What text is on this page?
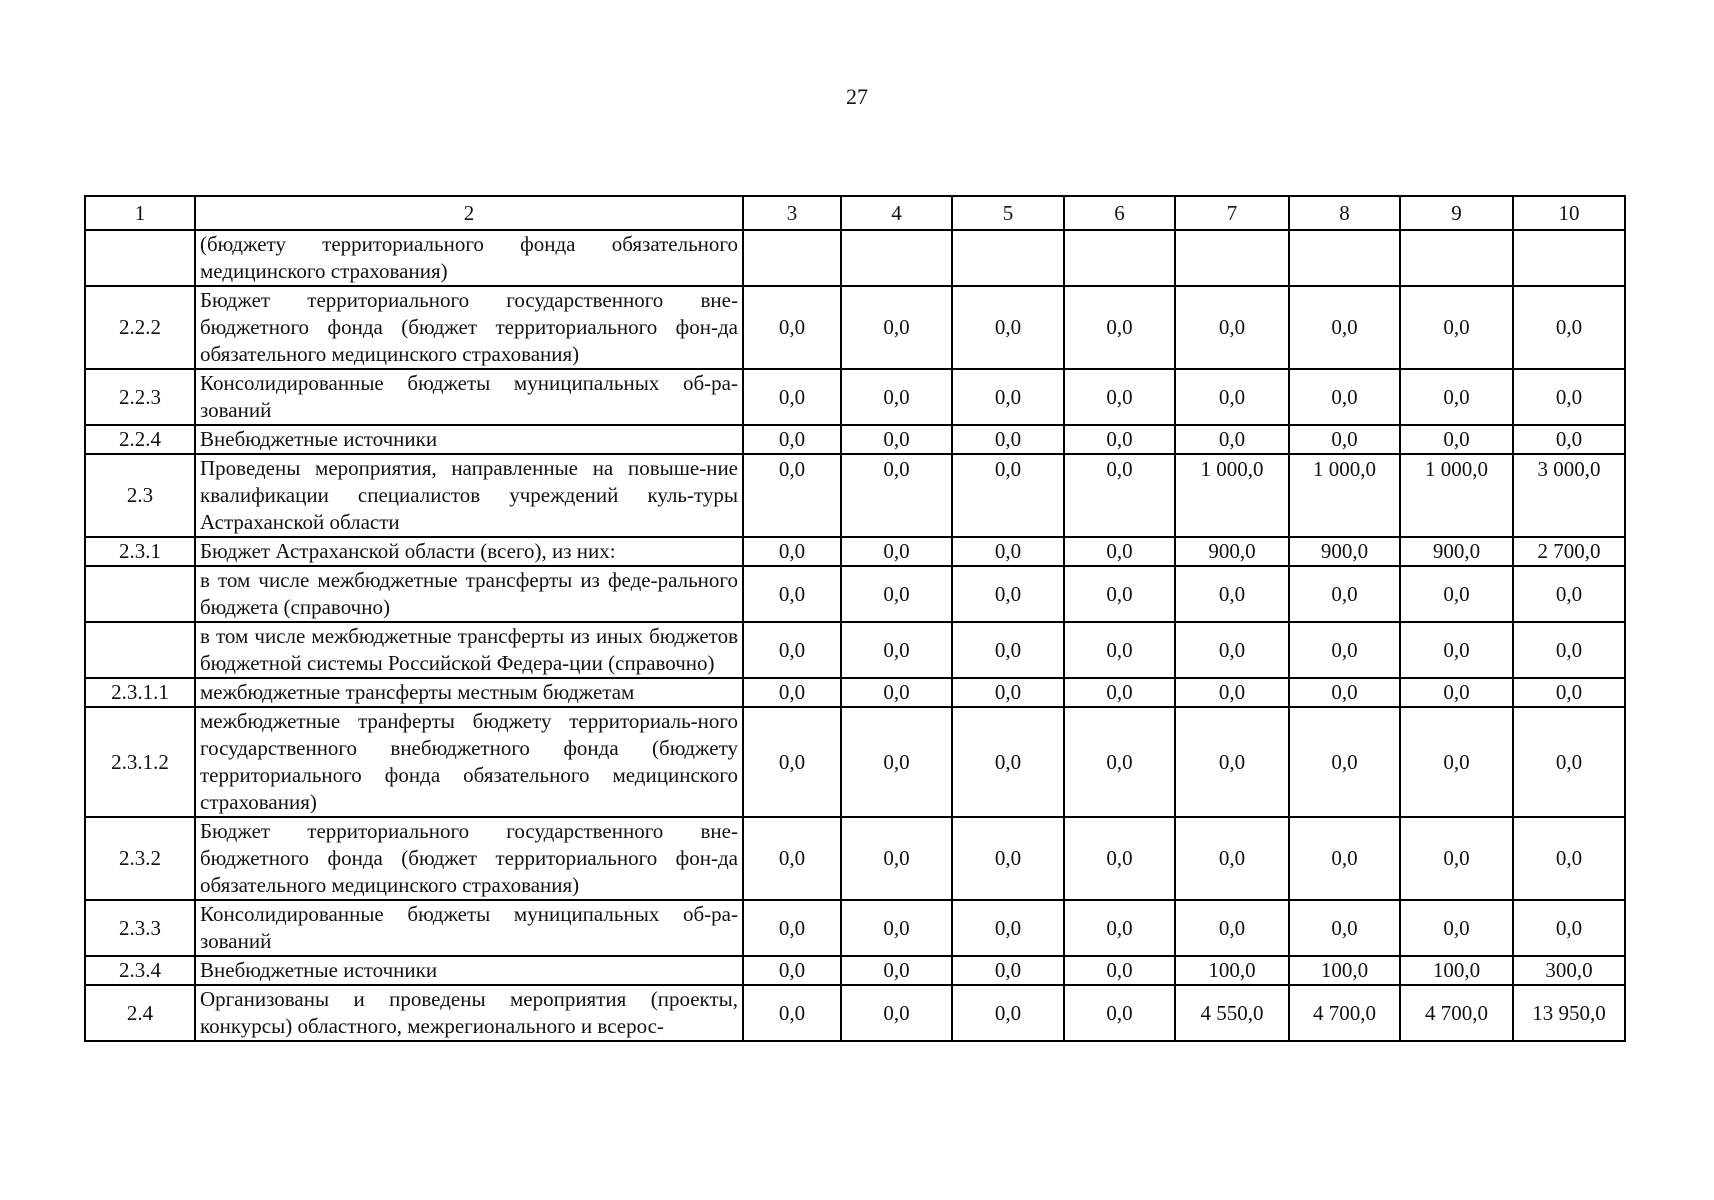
27
1	2	3	4	5	6	7	8	9	10
	(бюджету территориального фонда обязательного медицинского страхования)								
2.2.2	Бюджет территориального государственного вне-бюджетного фонда (бюджет территориального фон-да обязательного медицинского страхования)	0,0	0,0	0,0	0,0	0,0	0,0	0,0	0,0
2.2.3	Консолидированные бюджеты муниципальных об-ра-зований	0,0	0,0	0,0	0,0	0,0	0,0	0,0	0,0
2.2.4	Внебюджетные источники	0,0	0,0	0,0	0,0	0,0	0,0	0,0	0,0
2.3	Проведены мероприятия, направленные на повыше-ние квалификации специалистов учреждений куль-туры Астраханской области	0,0	0,0	0,0	0,0	1 000,0	1 000,0	1 000,0	3 000,0
2.3.1	Бюджет Астраханской области (всего), из них:	0,0	0,0	0,0	0,0	900,0	900,0	900,0	2 700,0
	в том числе межбюджетные трансферты из феде-рального бюджета (справочно)	0,0	0,0	0,0	0,0	0,0	0,0	0,0	0,0
	в том числе межбюджетные трансферты из иных бюджетов бюджетной системы Российской Федера-ции (справочно)	0,0	0,0	0,0	0,0	0,0	0,0	0,0	0,0
2.3.1.1	межбюджетные трансферты местным бюджетам	0,0	0,0	0,0	0,0	0,0	0,0	0,0	0,0
2.3.1.2	межбюджетные транферты бюджету территориаль-ного государственного внебюджетного фонда (бюджету территориального фонда обязательного медицинского страхования)	0,0	0,0	0,0	0,0	0,0	0,0	0,0	0,0
2.3.2	Бюджет территориального государственного вне-бюджетного фонда (бюджет территориального фон-да обязательного медицинского страхования)	0,0	0,0	0,0	0,0	0,0	0,0	0,0	0,0
2.3.3	Консолидированные бюджеты муниципальных об-ра-зований	0,0	0,0	0,0	0,0	0,0	0,0	0,0	0,0
2.3.4	Внебюджетные источники	0,0	0,0	0,0	0,0	100,0	100,0	100,0	300,0
2.4	Организованы и проведены мероприятия (проекты, конкурсы) областного, межрегионального и всерос-	0,0	0,0	0,0	0,0	4 550,0	4 700,0	4 700,0	13 950,0
